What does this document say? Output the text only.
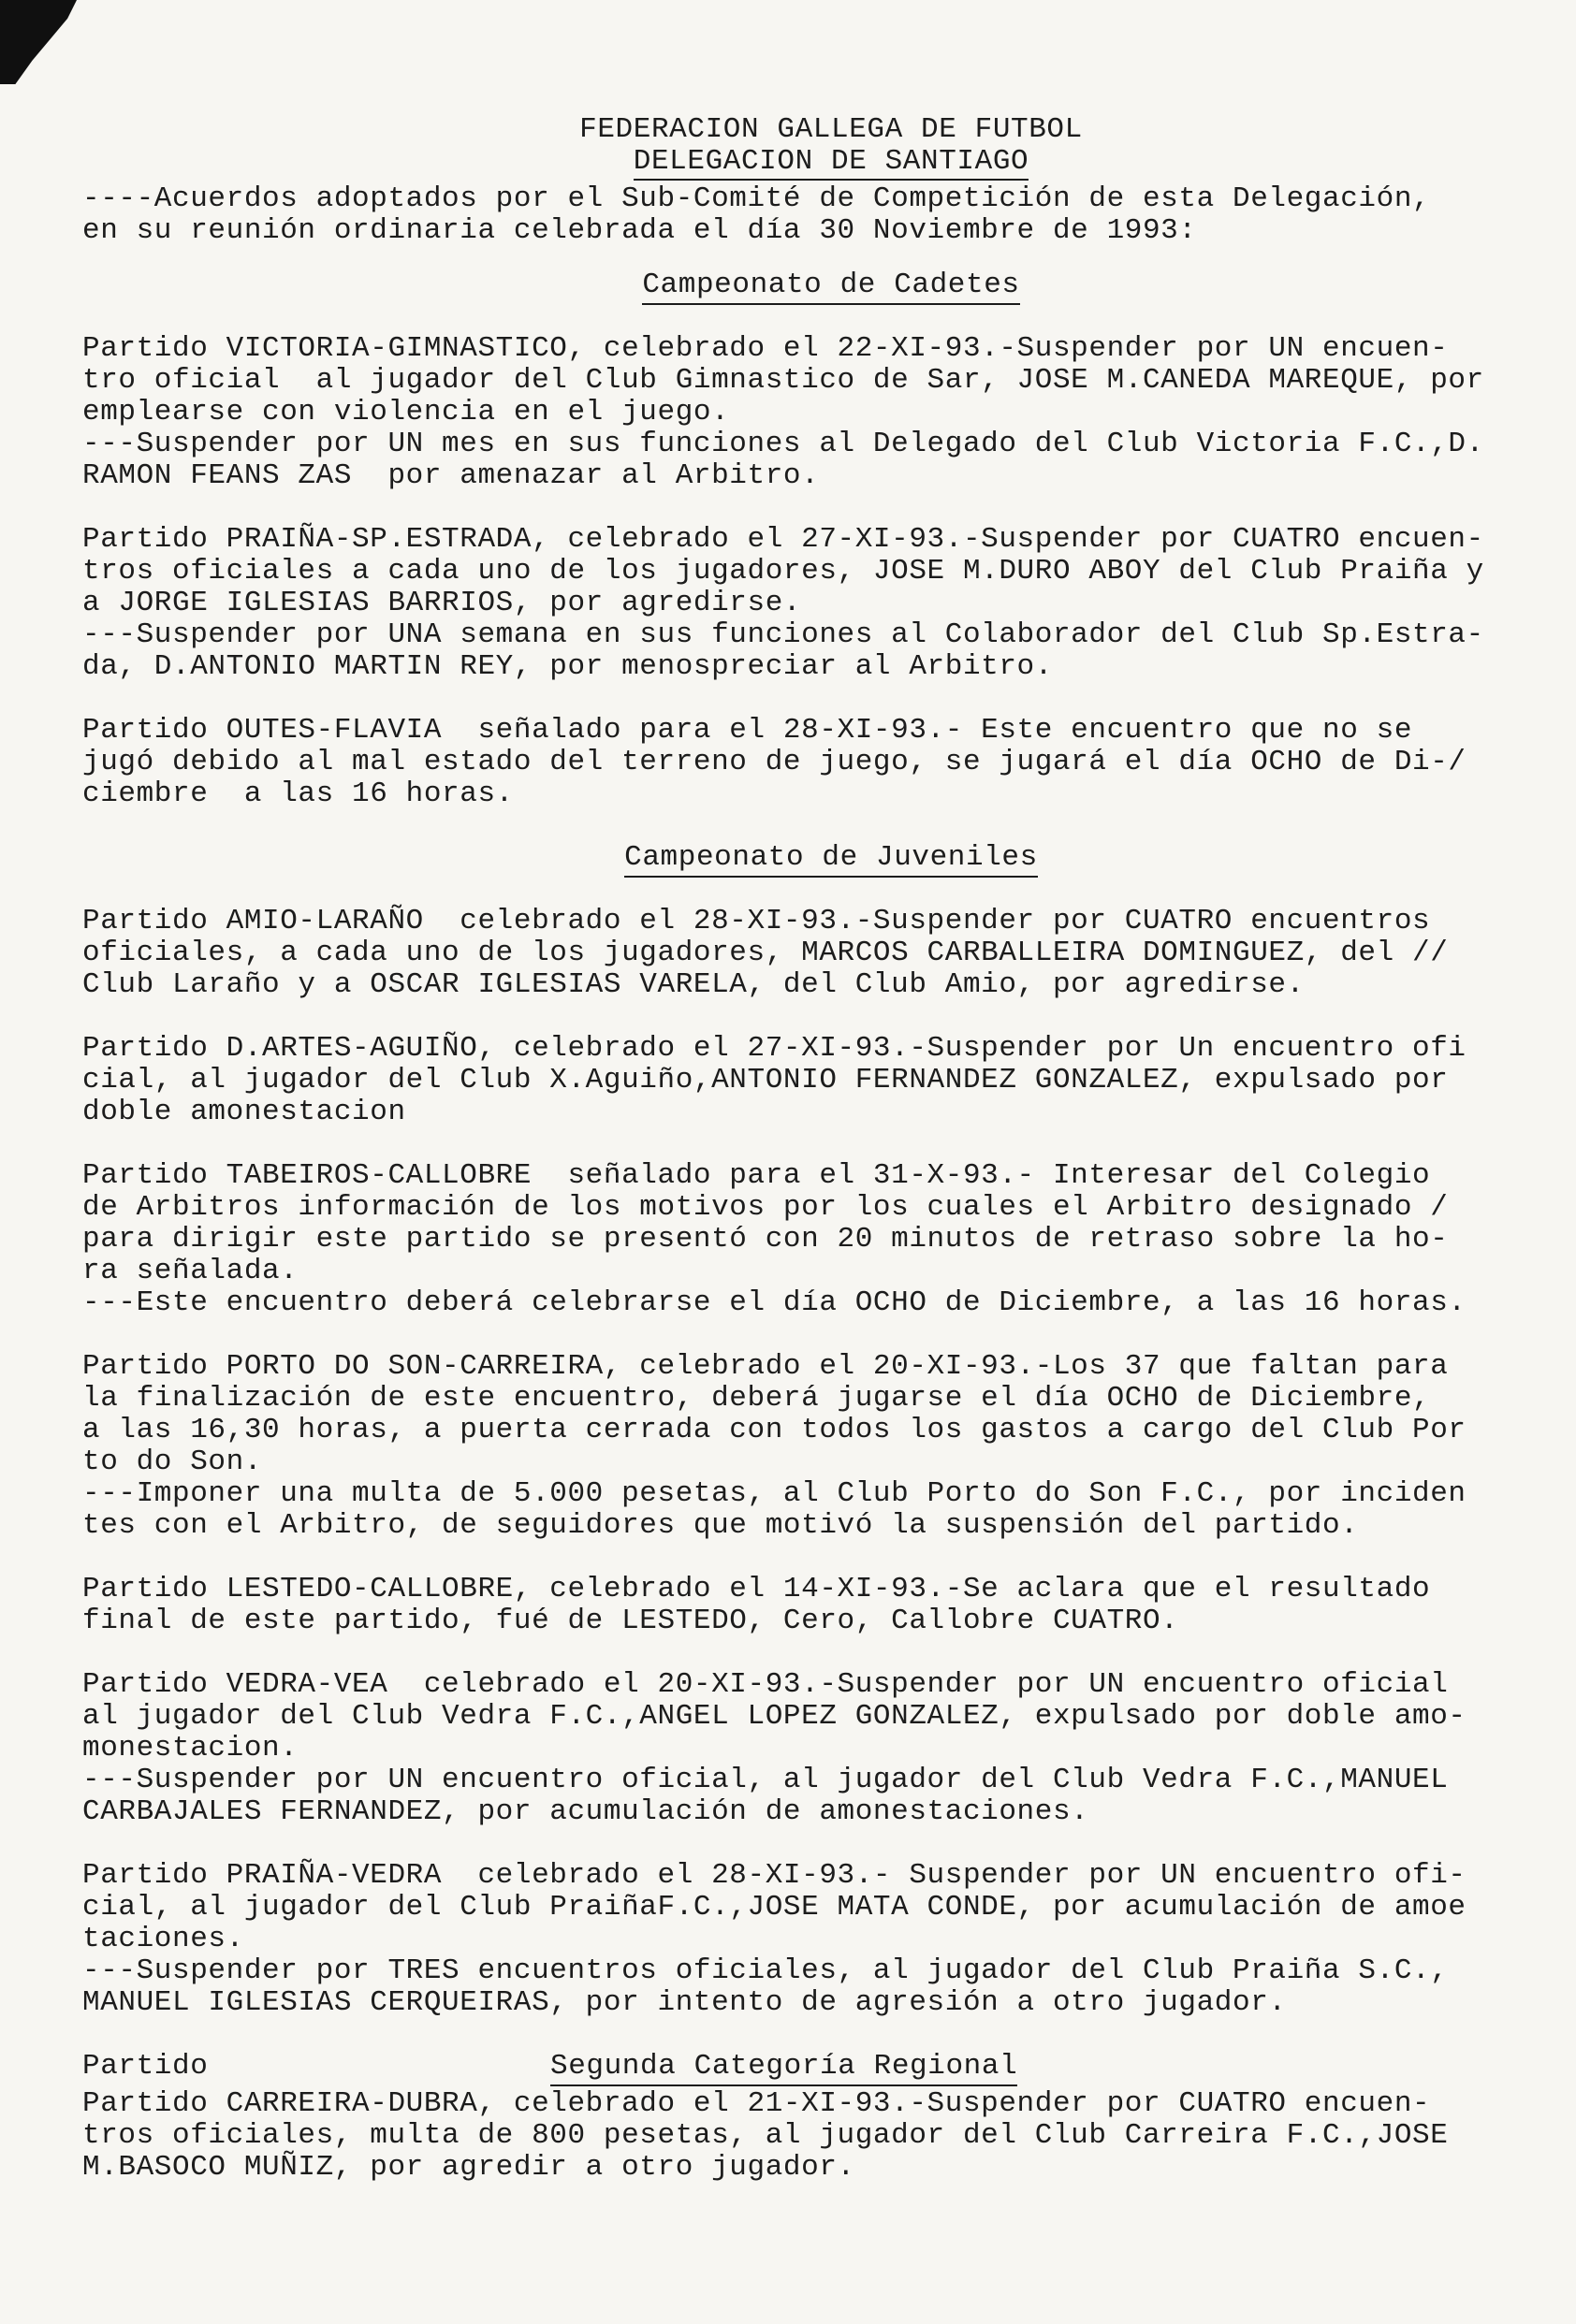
FEDERACION GALLEGA DE FUTBOL

DELEGACION DE SANTIAGO

----Acuerdos adoptados por el Sub-Comité de Competición de esta Delegación,
en su reunión ordinaria celebrada el día 30 Noviembre de 1993:

Campeonato de Cadetes

Partido VICTORIA-GIMNASTICO, celebrado el 22-XI-93.-Suspender por UN encuen-
tro oficial  al jugador del Club Gimnastico de Sar, JOSE M.CANEDA MAREQUE, por
emplearse con violencia en el juego.
---Suspender por UN mes en sus funciones al Delegado del Club Victoria F.C.,D.
RAMON FEANS ZAS  por amenazar al Arbitro.

Partido PRAIÑA-SP.ESTRADA, celebrado el 27-XI-93.-Suspender por CUATRO encuen-
tros oficiales a cada uno de los jugadores, JOSE M.DURO ABOY del Club Praiña y
a JORGE IGLESIAS BARRIOS, por agredirse.
---Suspender por UNA semana en sus funciones al Colaborador del Club Sp.Estra-
da, D.ANTONIO MARTIN REY, por menospreciar al Arbitro.

Partido OUTES-FLAVIA  señalado para el 28-XI-93.- Este encuentro que no se
jugó debido al mal estado del terreno de juego, se jugará el día OCHO de Di-/
ciembre  a las 16 horas.

Campeonato de Juveniles

Partido AMIO-LARAÑO  celebrado el 28-XI-93.-Suspender por CUATRO encuentros
oficiales, a cada uno de los jugadores, MARCOS CARBALLEIRA DOMINGUEZ, del //
Club Laraño y a OSCAR IGLESIAS VARELA, del Club Amio, por agredirse.

Partido D.ARTES-AGUIÑO, celebrado el 27-XI-93.-Suspender por Un encuentro ofi
cial, al jugador del Club X.Aguiño,ANTONIO FERNANDEZ GONZALEZ, expulsado por
doble amonestacion

Partido TABEIROS-CALLOBRE  señalado para el 31-X-93.- Interesar del Colegio
de Arbitros información de los motivos por los cuales el Arbitro designado /
para dirigir este partido se presentó con 20 minutos de retraso sobre la ho-
ra señalada.
---Este encuentro deberá celebrarse el día OCHO de Diciembre, a las 16 horas.

Partido PORTO DO SON-CARREIRA, celebrado el 20-XI-93.-Los 37 que faltan para
la finalización de este encuentro, deberá jugarse el día OCHO de Diciembre,
a las 16,30 horas, a puerta cerrada con todos los gastos a cargo del Club Por
to do Son.
---Imponer una multa de 5.000 pesetas, al Club Porto do Son F.C., por inciden
tes con el Arbitro, de seguidores que motivó la suspensión del partido.

Partido LESTEDO-CALLOBRE, celebrado el 14-XI-93.-Se aclara que el resultado
final de este partido, fué de LESTEDO, Cero, Callobre CUATRO.

Partido VEDRA-VEA  celebrado el 20-XI-93.-Suspender por UN encuentro oficial
al jugador del Club Vedra F.C.,ANGEL LOPEZ GONZALEZ, expulsado por doble amo-
monestacion.
---Suspender por UN encuentro oficial, al jugador del Club Vedra F.C.,MANUEL
CARBAJALES FERNANDEZ, por acumulación de amonestaciones.

Partido PRAIÑA-VEDRA  celebrado el 28-XI-93.- Suspender por UN encuentro ofi-
cial, al jugador del Club PraiñaF.C.,JOSE MATA CONDE, por acumulación de amoe
taciones.
---Suspender por TRES encuentros oficiales, al jugador del Club Praiña S.C.,
MANUEL IGLESIAS CERQUEIRAS, por intento de agresión a otro jugador.

Partido	Segunda Categoría Regional

Partido CARREIRA-DUBRA, celebrado el 21-XI-93.-Suspender por CUATRO encuen-
tros oficiales, multa de 800 pesetas, al jugador del Club Carreira F.C.,JOSE
M.BASOCO MUÑIZ, por agredir a otro jugador.
